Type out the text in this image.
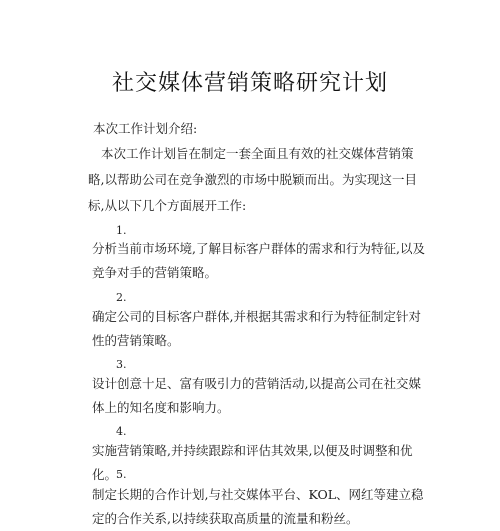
社交媒体营销策略研究计划

本次工作计划介绍:

本次工作计划旨在制定一套全面且有效的社交媒体营销策略,以帮助公司在竞争激烈的市场中脱颖而出。为实现这一目标,从以下几个方面展开工作:

1.

分析当前市场环境,了解目标客户群体的需求和行为特征,以及竞争对手的营销策略。

2.

确定公司的目标客户群体,并根据其需求和行为特征制定针对性的营销策略。

3.

设计创意十足、富有吸引力的营销活动,以提高公司在社交媒体上的知名度和影响力。

4.

实施营销策略,并持续跟踪和评估其效果,以便及时调整和优化。

5.

制定长期的合作计划,与社交媒体平台、KOL、网红等建立稳定的合作关系,以持续获取高质量的流量和粉丝。
